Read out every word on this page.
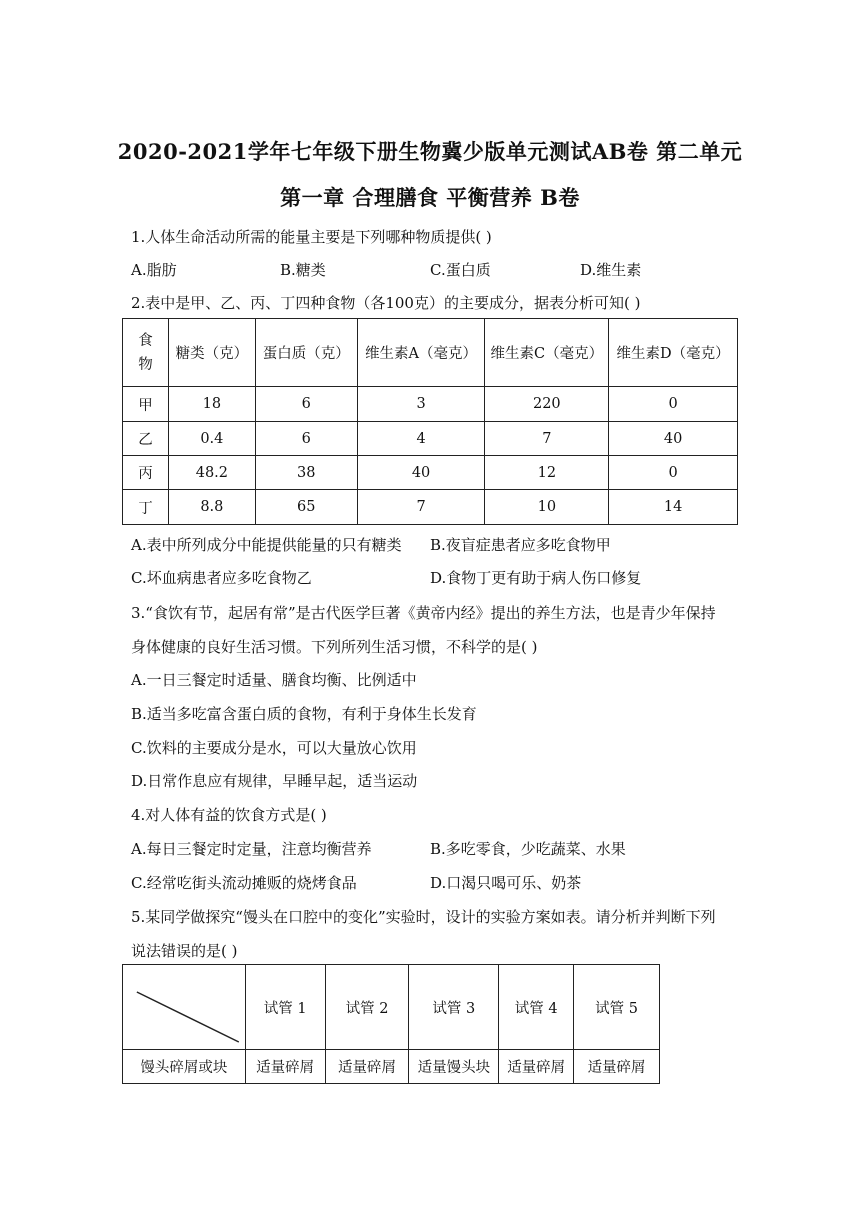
2020-2021学年七年级下册生物冀少版单元测试AB卷 第二单元
第一章 合理膳食 平衡营养 B卷
1.人体生命活动所需的能量主要是下列哪种物质提供( )
A.脂肪	B.糖类	C.蛋白质	D.维生素
2.表中是甲、乙、丙、丁四种食物（各100克）的主要成分，据表分析可知( )
食
物	糖类（克）	蛋白质（克）	维生素A（毫克）	维生素C（毫克）	维生素D（毫克）
甲	18	6	3	220	0
乙	0.4	6	4	7	40
丙	48.2	38	40	12	0
丁	8.8	65	7	10	14
A.表中所列成分中能提供能量的只有糖类 B.夜盲症患者应多吃食物甲
C.坏血病患者应多吃食物乙	D.食物丁更有助于病人伤口修复
3.“食饮有节，起居有常”是古代医学巨著《黄帝内经》提出的养生方法，也是青少年保持
身体健康的良好生活习惯。下列所列生活习惯，不科学的是( )
A.一日三餐定时适量、膳食均衡、比例适中
B.适当多吃富含蛋白质的食物，有利于身体生长发育
C.饮料的主要成分是水，可以大量放心饮用
D.日常作息应有规律，早睡早起，适当运动
4.对人体有益的饮食方式是( )
A.每日三餐定时定量，注意均衡营养	B.多吃零食，少吃蔬菜、水果
C.经常吃街头流动摊贩的烧烤食品	D.口渴只喝可乐、奶茶
5.某同学做探究“馒头在口腔中的变化”实验时，设计的实验方案如表。请分析并判断下列
说法错误的是( )
	试管 1	试管 2	试管 3	试管 4	试管 5
馒头碎屑或块	适量碎屑	适量碎屑	适量馒头块	适量碎屑	适量碎屑
